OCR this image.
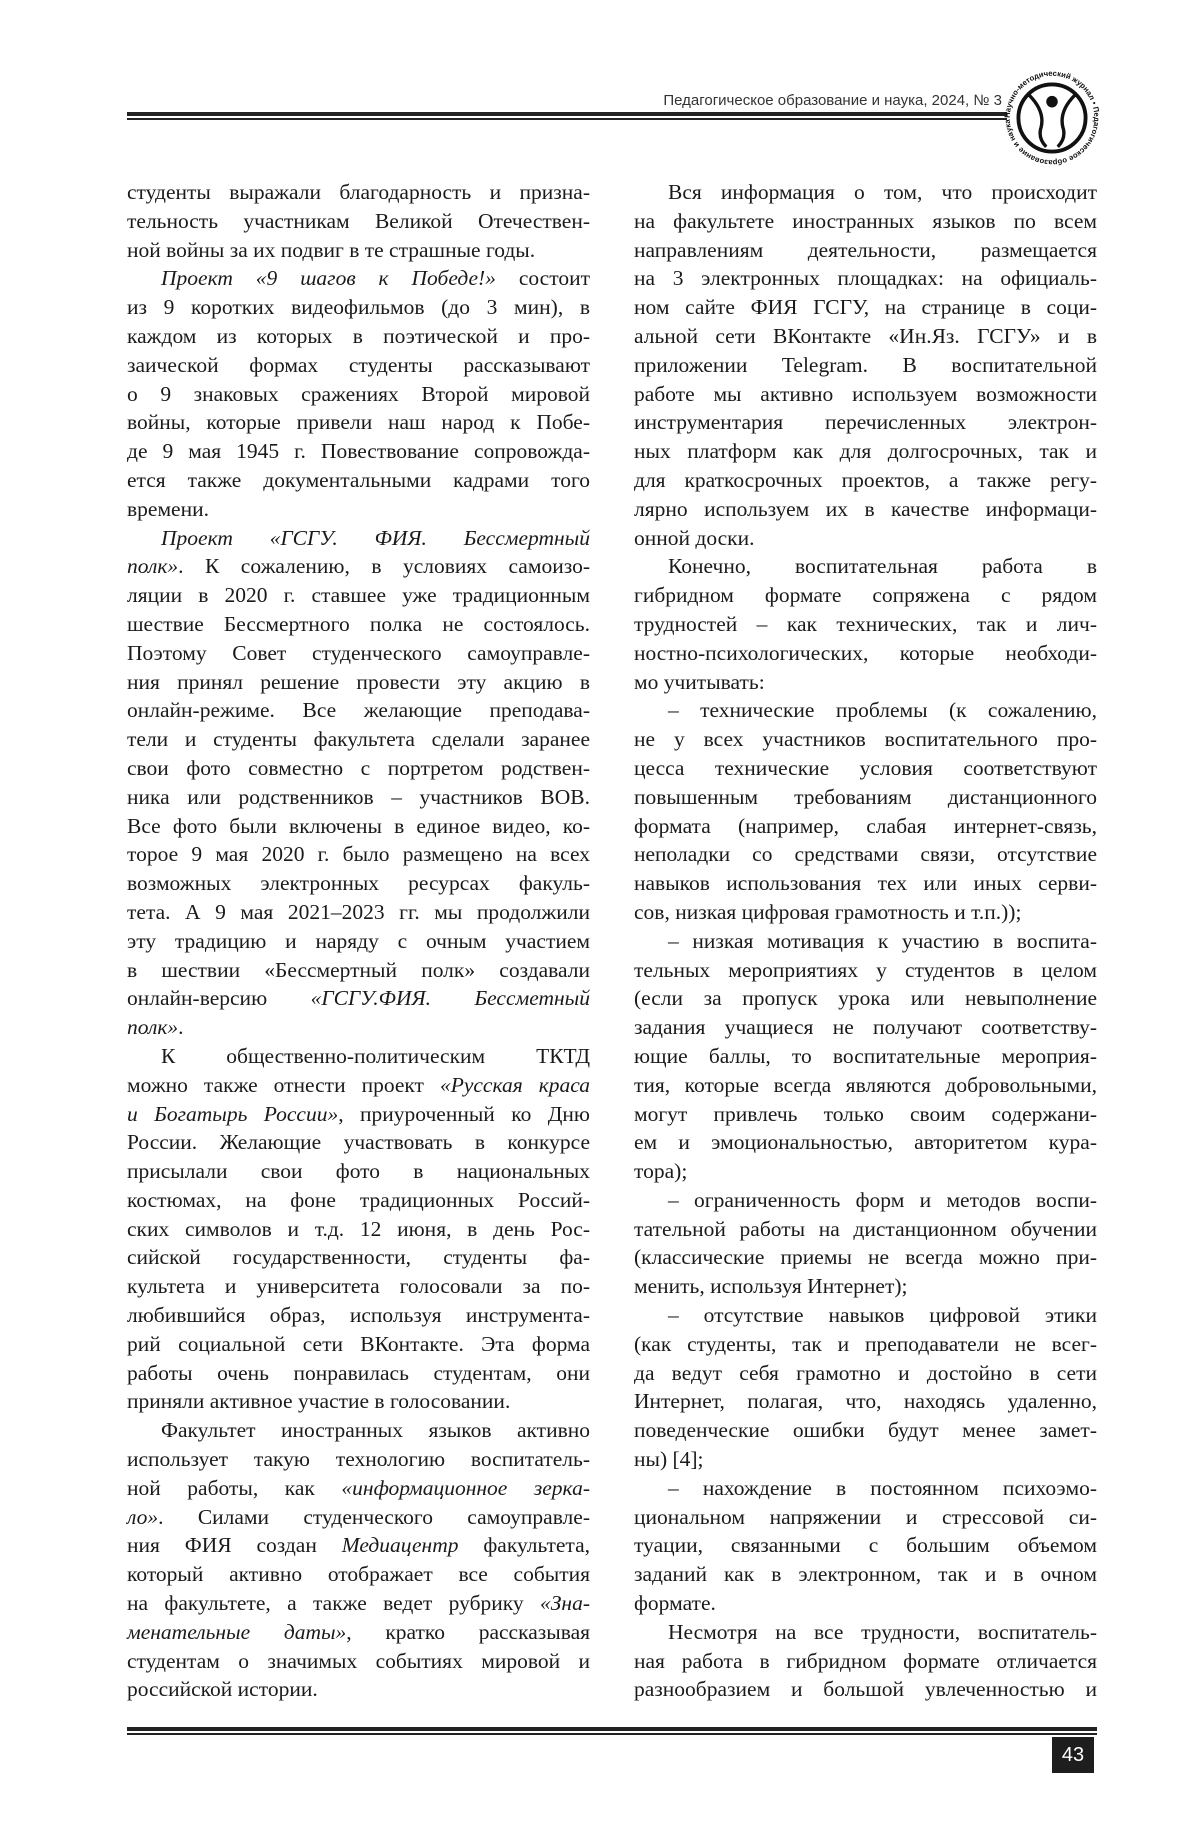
Педагогическое образование и наука, 2024, № 3
аучно-методический журнал • Пгогическое образование и наук
студенты выражали благодарность и призна-
тельность участникам Великой Отечествен-
ной войны за их подвиг в те страшные годы.
Проект «9 шагов к Победе!» состоит
из 9 коротких видеофильмов (до 3 мин), в
каждом из которых в поэтической и про-
заической формах студенты рассказывают
о 9 знаковых сражениях Второй мировой
войны, которые привели наш народ к Побе-
де 9 мая 1945 г. Повествование сопровожда-
ется также документальными кадрами того
времени.
Проект «ГСГУ. ФИЯ. Бессмертный
полк». К сожалению, в условиях самоизо-
ляции в 2020 г. ставшее уже традиционным
шествие Бессмертного полка не состоялось.
Поэтому Совет студенческого самоуправле-
ния принял решение провести эту акцию в
онлайн-режиме. Все желающие преподава-
тели и студенты факультета сделали заранее
свои фото совместно с портретом родствен-
ника или родственников – участников ВОВ.
Все фото были включены в единое видео, ко-
торое 9 мая 2020 г. было размещено на всех
возможных электронных ресурсах факуль-
тета. А 9 мая 2021–2023 гг. мы продолжили
эту традицию и наряду с очным участием
в шествии «Бессмертный полк» создавали
онлайн-версию «ГСГУ.ФИЯ. Бессметный
полк».
К общественно-политическим ТКТД
можно также отнести проект «Русская краса
и Богатырь России», приуроченный ко Дню
России. Желающие участвовать в конкурсе
присылали свои фото в национальных
костюмах, на фоне традиционных Россий-
ских символов и т.д. 12 июня, в день Рос-
сийской государственности, студенты фа-
культета и университета голосовали за по-
любившийся образ, используя инструмента-
рий социальной сети ВКонтакте. Эта форма
работы очень понравилась студентам, они
приняли активное участие в голосовании.
Факультет иностранных языков активно
использует такую технологию воспитатель-
ной работы, как «информационное зерка-
ло». Силами студенческого самоуправле-
ния ФИЯ создан Медиацентр факультета,
который активно отображает все события
на факультете, а также ведет рубрику «Зна-
менательные даты», кратко рассказывая
студентам о значимых событиях мировой и
российской истории.
Вся информация о том, что происходит
на факультете иностранных языков по всем
направлениям деятельности, размещается
на 3 электронных площадках: на официаль-
ном сайте ФИЯ ГСГУ, на странице в соци-
альной сети ВКонтакте «Ин.Яз. ГСГУ» и в
приложении Telegram. В воспитательной
работе мы активно используем возможности
инструментария перечисленных электрон-
ных платформ как для долгосрочных, так и
для краткосрочных проектов, а также регу-
лярно используем их в качестве информаци-
онной доски.
Конечно, воспитательная работа в
гибридном формате сопряжена с рядом
трудностей – как технических, так и лич-
ностно-психологических, которые необходи-
мо учитывать:
– технические проблемы (к сожалению,
не у всех участников воспитательного про-
цесса технические условия соответствуют
повышенным требованиям дистанционного
формата (например, слабая интернет-связь,
неполадки со средствами связи, отсутствие
навыков использования тех или иных серви-
сов, низкая цифровая грамотность и т.п.));
– низкая мотивация к участию в воспита-
тельных мероприятиях у студентов в целом
(если за пропуск урока или невыполнение
задания учащиеся не получают соответству-
ющие баллы, то воспитательные мероприя-
тия, которые всегда являются добровольными,
могут привлечь только своим содержани-
ем и эмоциональностью, авторитетом кура-
тора);
– ограниченность форм и методов воспи-
тательной работы на дистанционном обучении
(классические приемы не всегда можно при-
менить, используя Интернет);
– отсутствие навыков цифровой этики
(как студенты, так и преподаватели не всег-
да ведут себя грамотно и достойно в сети
Интернет, полагая, что, находясь удаленно,
поведенческие ошибки будут менее замет-
ны) [4];
– нахождение в постоянном психоэмо-
циональном напряжении и стрессовой си-
туации, связанными с большим объемом
заданий как в электронном, так и в очном
формате.
Несмотря на все трудности, воспитатель-
ная работа в гибридном формате отличается
разнообразием и большой увлеченностью и
43
